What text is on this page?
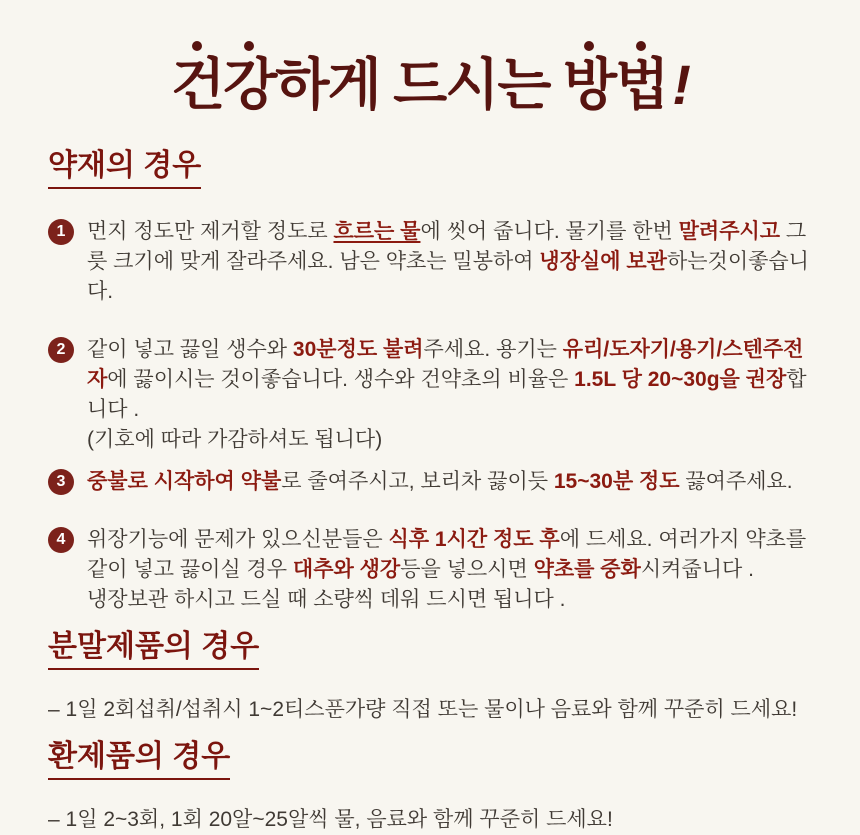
건강하게 드시는 방법!
약재의 경우
1	먼지 정도만 제거할 정도로 흐르는 물에 씻어 줍니다. 물기를 한번 말려주시고 그릇 크기에 맞게 잘라주세요. 남은 약초는 밀봉하여 냉장실에 보관하는것이좋습니다.

2	같이 넣고 끓일 생수와 30분정도 불려주세요. 용기는 유리/도자기/용기/스텐주전자에 끓이시는 것이좋습니다. 생수와 건약초의 비율은 1.5L 당 20~30g을 권장합니다 .
(기호에 따라 가감하셔도 됩니다)

3	중불로 시작하여 약불로 줄여주시고, 보리차 끓이듯 15~30분 정도 끓여주세요.

4	위장기능에 문제가 있으신분들은 식후 1시간 정도 후에 드세요. 여러가지 약초를 같이 넣고 끓이실 경우 대추와 생강등을 넣으시면 약초를 중화시켜줍니다 .
냉장보관 하시고 드실 때 소량씩 데워 드시면 됩니다 .

분말제품의 경우
– 1일 2회섭취/섭취시 1~2티스푼가량 직접 또는 물이나 음료와 함께 꾸준히 드세요!
환제품의 경우
– 1일 2~3회, 1회 20알~25알씩 물, 음료와 함께 꾸준히 드세요!
